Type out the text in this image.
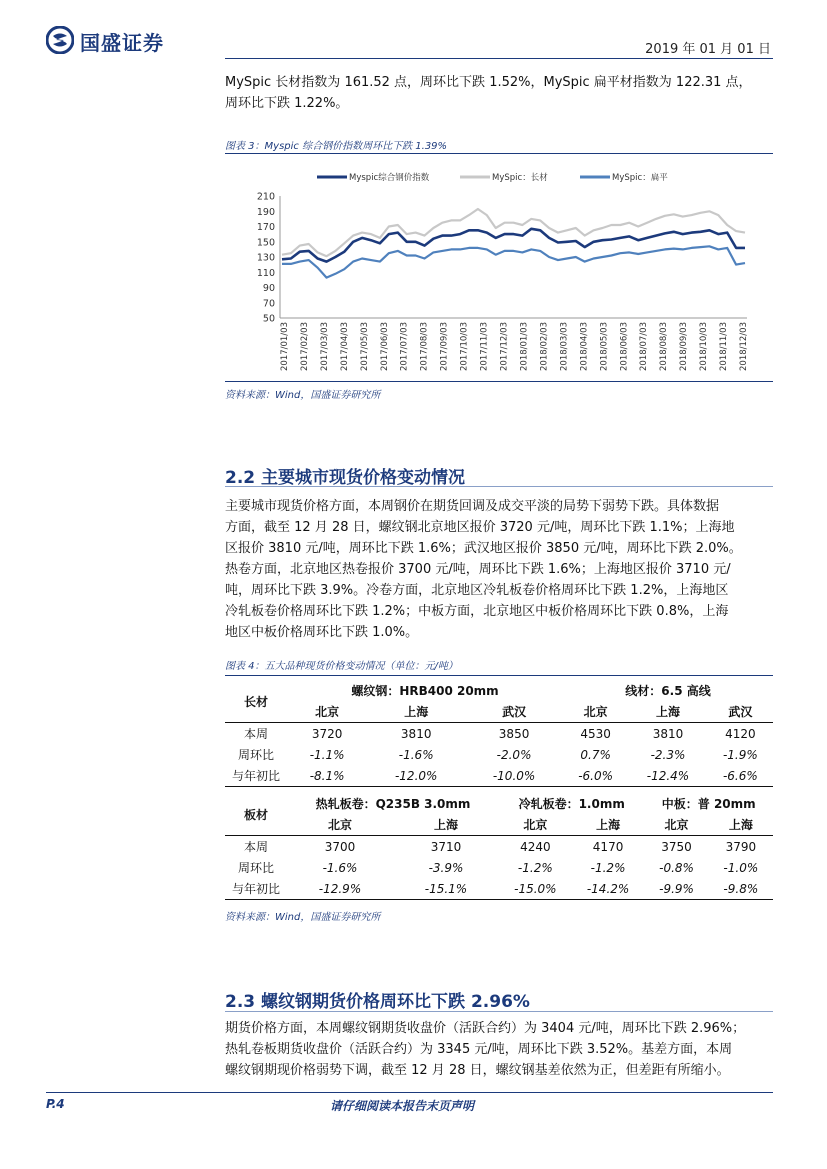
国盛证券	2019 年 01 月 01 日
MySpic 长材指数为 161.52 点，周环比下跌 1.52%，MySpic 扁平材指数为 122.31 点，
周环比下跌 1.22%。
图表 3：Myspic 综合钢价指数周环比下跌 1.39%
Myspic综合钢价指数	MySpic：长材	MySpic：扁平
50
70
90
110
130
150
170
190
210
2017/01/03 2017/02/03 2017/03/03 2017/04/03 2017/05/03 2017/06/03 2017/07/03 2017/08/03 2017/09/03 2017/10/03 2017/11/03 2017/12/03 2018/01/03 2018/02/03 2018/03/03 2018/04/03 2018/05/03 2018/06/03 2018/07/03 2018/08/03 2018/09/03 2018/10/03 2018/11/03 2018/12/03
资料来源：Wind，国盛证券研究所
2.2 主要城市现货价格变动情况
主要城市现货价格方面，本周钢价在期货回调及成交平淡的局势下弱势下跌。具体数据
方面，截至 12 月 28 日，螺纹钢北京地区报价 3720 元/吨，周环比下跌 1.1%；上海地
区报价 3810 元/吨，周环比下跌 1.6%；武汉地区报价 3850 元/吨，周环比下跌 2.0%。
热卷方面，北京地区热卷报价 3700 元/吨，周环比下跌 1.6%；上海地区报价 3710 元/
吨，周环比下跌 3.9%。冷卷方面，北京地区冷轧板卷价格周环比下跌 1.2%，上海地区
冷轧板卷价格周环比下跌 1.2%；中板方面，北京地区中板价格周环比下跌 0.8%，上海
地区中板价格周环比下跌 1.0%。
图表 4：五大品种现货价格变动情况（单位：元/吨）
长材	螺纹钢：HRB400 20mm			线材：6.5 高线		
	北京	上海	武汉	北京	上海	武汉
本周	3720	3810	3850	4530	3810	4120
周环比	-1.1%	-1.6%	-2.0%	0.7%	-2.3%	-1.9%
与年初比	-8.1%	-12.0%	-10.0%	-6.0%	-12.4%	-6.6%
板材	热轧板卷：Q235B 3.0mm		冷轧板卷：1.0mm		中板：普 20mm	
	北京	上海	北京	上海	北京	上海
本周	3700	3710	4240	4170	3750	3790
周环比	-1.6%	-3.9%	-1.2%	-1.2%	-0.8%	-1.0%
与年初比	-12.9%	-15.1%	-15.0%	-14.2%	-9.9%	-9.8%
资料来源：Wind，国盛证券研究所
2.3 螺纹钢期货价格周环比下跌 2.96%
期货价格方面，本周螺纹钢期货收盘价（活跃合约）为 3404 元/吨，周环比下跌 2.96%；
热轧卷板期货收盘价（活跃合约）为 3345 元/吨，周环比下跌 3.52%。基差方面，本周
螺纹钢期现价格弱势下调，截至 12 月 28 日，螺纹钢基差依然为正，但差距有所缩小。
P.4	请仔细阅读本报告末页声明
